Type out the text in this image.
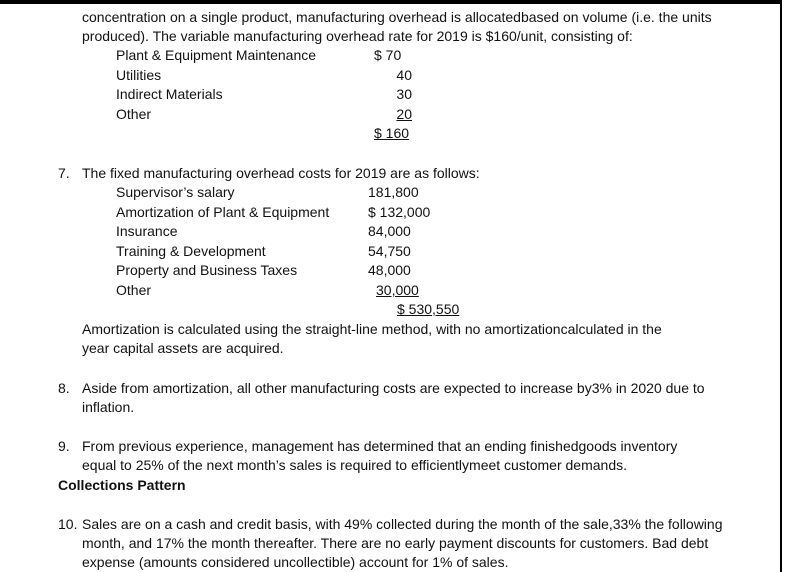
concentration on a single product, manufacturing overhead is allocatedbased on volume (i.e. the units
produced). The variable manufacturing overhead rate for 2019 is $160/unit, consisting of:
Plant & Equipment Maintenance	$ 70
Utilities	40
Indirect Materials	30
Other	20
$ 160
7. The fixed manufacturing overhead costs for 2019 are as follows:
Supervisor’s salary	181,800
Amortization of Plant & Equipment	$ 132,000
Insurance	84,000
Training & Development	54,750
Property and Business Taxes	48,000
Other	30,000
$ 530,550
Amortization is calculated using the straight-line method, with no amortizationcalculated in the
year capital assets are acquired.
8. Aside from amortization, all other manufacturing costs are expected to increase by3% in 2020 due to
inflation.
9. From previous experience, management has determined that an ending finishedgoods inventory
equal to 25% of the next month’s sales is required to efficientlymeet customer demands.
Collections Pattern
10. Sales are on a cash and credit basis, with 49% collected during the month of the sale,33% the following
month, and 17% the month thereafter. There are no early payment discounts for customers. Bad debt
expense (amounts considered uncollectible) account for 1% of sales.
